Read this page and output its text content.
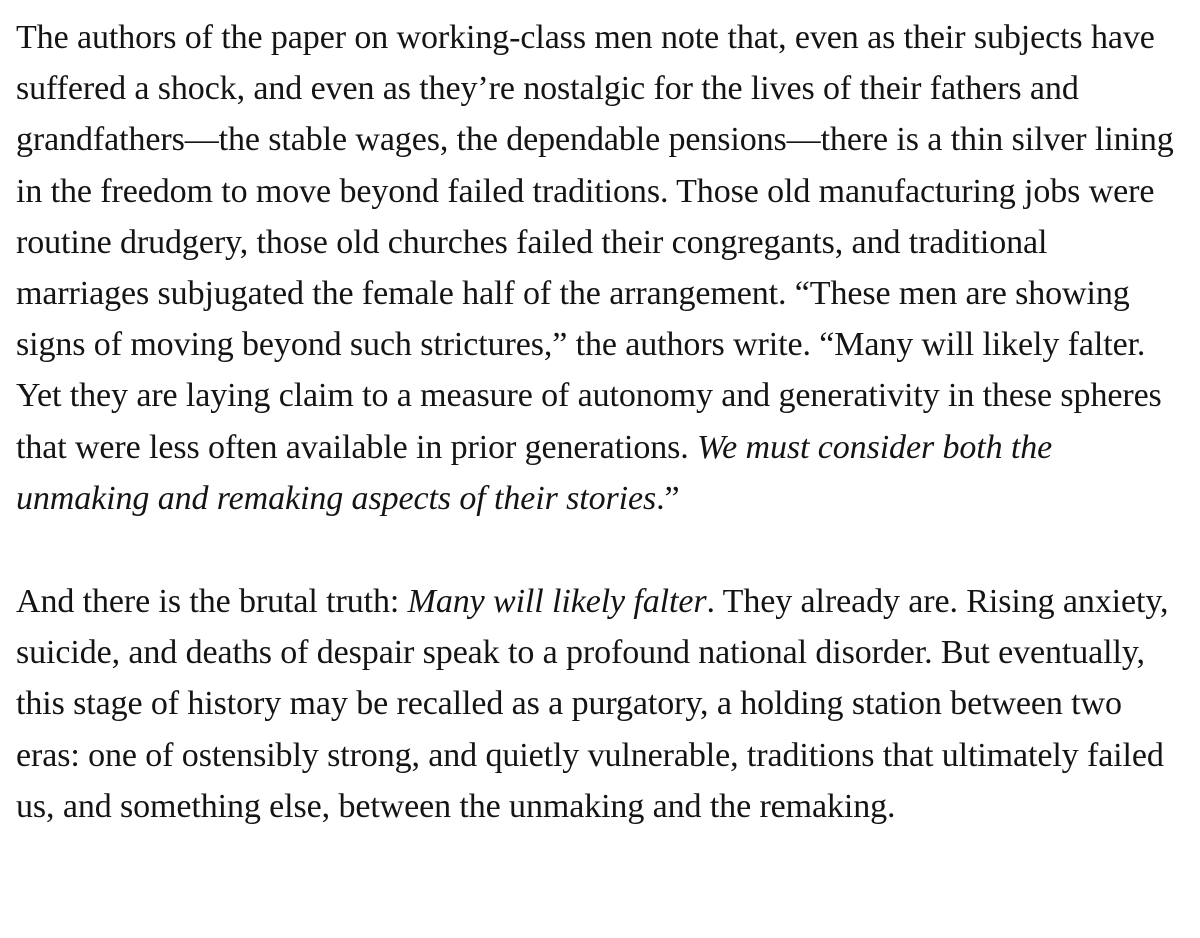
The authors of the paper on working-class men note that, even as their subjects have suffered a shock, and even as they’re nostalgic for the lives of their fathers and grandfathers—the stable wages, the dependable pensions—there is a thin silver lining in the freedom to move beyond failed traditions. Those old manufacturing jobs were routine drudgery, those old churches failed their congregants, and traditional marriages subjugated the female half of the arrangement. “These men are showing signs of moving beyond such strictures,” the authors write. “Many will likely falter. Yet they are laying claim to a measure of autonomy and generativity in these spheres that were less often available in prior generations. We must consider both the unmaking and remaking aspects of their stories.”

And there is the brutal truth: Many will likely falter. They already are. Rising anxiety, suicide, and deaths of despair speak to a profound national disorder. But eventually, this stage of history may be recalled as a purgatory, a holding station between two eras: one of ostensibly strong, and quietly vulnerable, traditions that ultimately failed us, and something else, between the unmaking and the remaking.
